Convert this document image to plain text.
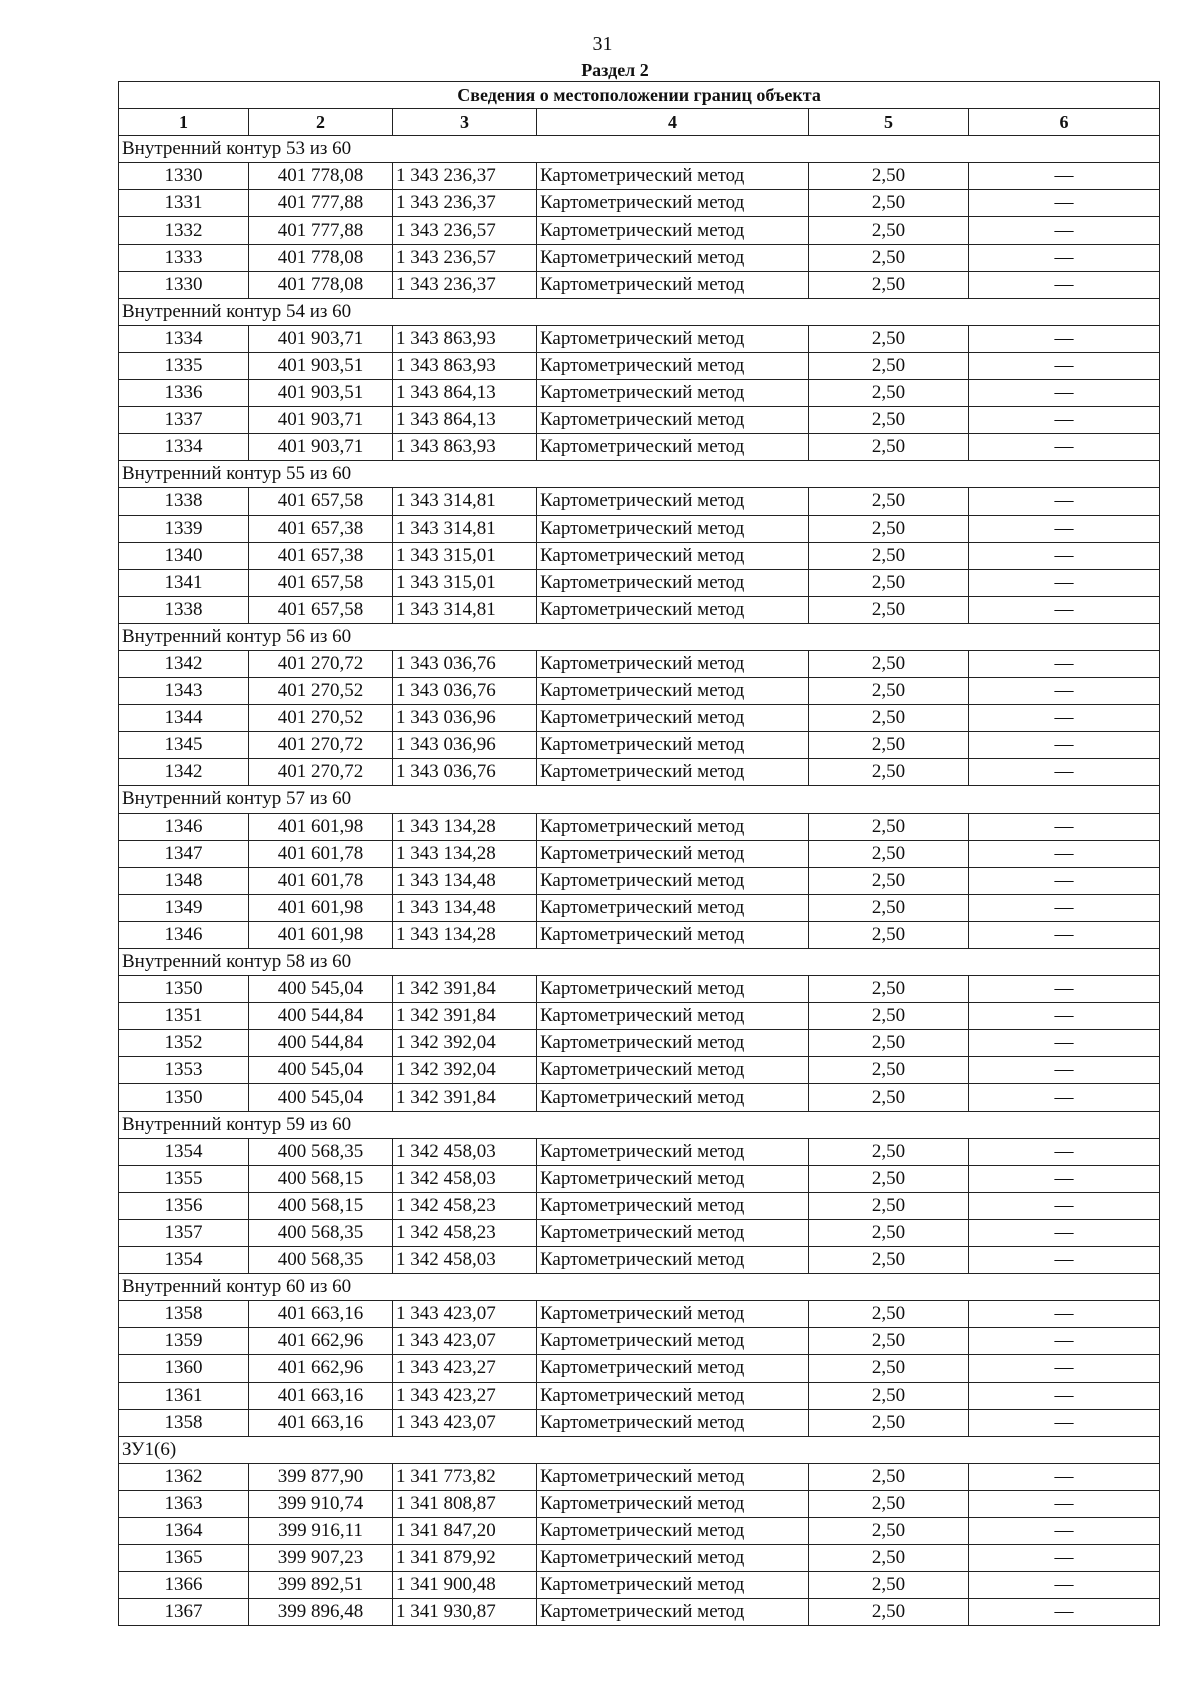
31
Раздел 2
Сведения о местоположении границ объекта					
1	2	3	4	5	6
Внутренний контур 53 из 60					
1330	401 778,08	1 343 236,37	Картометрический метод	2,50	—
1331	401 777,88	1 343 236,37	Картометрический метод	2,50	—
1332	401 777,88	1 343 236,57	Картометрический метод	2,50	—
1333	401 778,08	1 343 236,57	Картометрический метод	2,50	—
1330	401 778,08	1 343 236,37	Картометрический метод	2,50	—
Внутренний контур 54 из 60					
1334	401 903,71	1 343 863,93	Картометрический метод	2,50	—
1335	401 903,51	1 343 863,93	Картометрический метод	2,50	—
1336	401 903,51	1 343 864,13	Картометрический метод	2,50	—
1337	401 903,71	1 343 864,13	Картометрический метод	2,50	—
1334	401 903,71	1 343 863,93	Картометрический метод	2,50	—
Внутренний контур 55 из 60					
1338	401 657,58	1 343 314,81	Картометрический метод	2,50	—
1339	401 657,38	1 343 314,81	Картометрический метод	2,50	—
1340	401 657,38	1 343 315,01	Картометрический метод	2,50	—
1341	401 657,58	1 343 315,01	Картометрический метод	2,50	—
1338	401 657,58	1 343 314,81	Картометрический метод	2,50	—
Внутренний контур 56 из 60					
1342	401 270,72	1 343 036,76	Картометрический метод	2,50	—
1343	401 270,52	1 343 036,76	Картометрический метод	2,50	—
1344	401 270,52	1 343 036,96	Картометрический метод	2,50	—
1345	401 270,72	1 343 036,96	Картометрический метод	2,50	—
1342	401 270,72	1 343 036,76	Картометрический метод	2,50	—
Внутренний контур 57 из 60					
1346	401 601,98	1 343 134,28	Картометрический метод	2,50	—
1347	401 601,78	1 343 134,28	Картометрический метод	2,50	—
1348	401 601,78	1 343 134,48	Картометрический метод	2,50	—
1349	401 601,98	1 343 134,48	Картометрический метод	2,50	—
1346	401 601,98	1 343 134,28	Картометрический метод	2,50	—
Внутренний контур 58 из 60					
1350	400 545,04	1 342 391,84	Картометрический метод	2,50	—
1351	400 544,84	1 342 391,84	Картометрический метод	2,50	—
1352	400 544,84	1 342 392,04	Картометрический метод	2,50	—
1353	400 545,04	1 342 392,04	Картометрический метод	2,50	—
1350	400 545,04	1 342 391,84	Картометрический метод	2,50	—
Внутренний контур 59 из 60					
1354	400 568,35	1 342 458,03	Картометрический метод	2,50	—
1355	400 568,15	1 342 458,03	Картометрический метод	2,50	—
1356	400 568,15	1 342 458,23	Картометрический метод	2,50	—
1357	400 568,35	1 342 458,23	Картометрический метод	2,50	—
1354	400 568,35	1 342 458,03	Картометрический метод	2,50	—
Внутренний контур 60 из 60					
1358	401 663,16	1 343 423,07	Картометрический метод	2,50	—
1359	401 662,96	1 343 423,07	Картометрический метод	2,50	—
1360	401 662,96	1 343 423,27	Картометрический метод	2,50	—
1361	401 663,16	1 343 423,27	Картометрический метод	2,50	—
1358	401 663,16	1 343 423,07	Картометрический метод	2,50	—
ЗУ1(6)					
1362	399 877,90	1 341 773,82	Картометрический метод	2,50	—
1363	399 910,74	1 341 808,87	Картометрический метод	2,50	—
1364	399 916,11	1 341 847,20	Картометрический метод	2,50	—
1365	399 907,23	1 341 879,92	Картометрический метод	2,50	—
1366	399 892,51	1 341 900,48	Картометрический метод	2,50	—
1367	399 896,48	1 341 930,87	Картометрический метод	2,50	—
